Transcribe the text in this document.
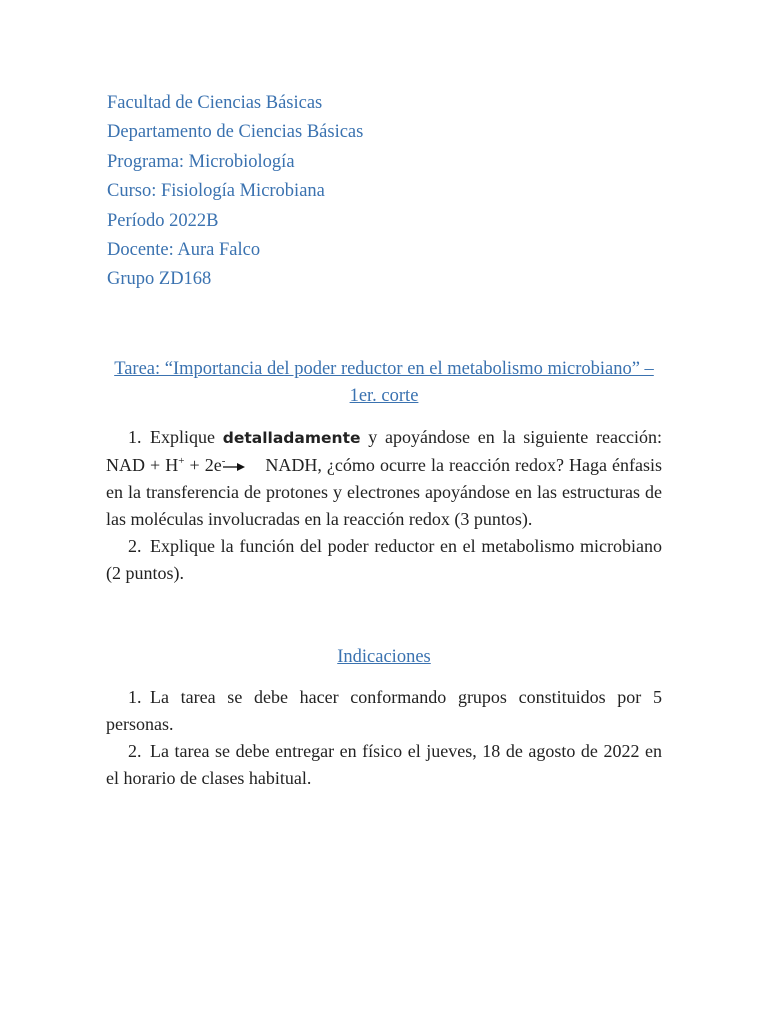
Facultad de Ciencias Básicas
Departamento de Ciencias Básicas
Programa: Microbiología
Curso: Fisiología Microbiana
Período 2022B
Docente: Aura Falco
Grupo ZD168
Tarea: “Importancia del poder reductor en el metabolismo microbiano” – 1er. corte

1. Explique detalladamente y apoyándose en la siguiente reacción: NAD + H+ + 2e- → NADH, ¿cómo ocurre la reacción redox? Haga énfasis en la transferencia de protones y electrones apoyándose en las estructuras de las moléculas involucradas en la reacción redox (3 puntos).

2. Explique la función del poder reductor en el metabolismo microbiano (2 puntos).

Indicaciones

1. La tarea se debe hacer conformando grupos constituidos por 5 personas.

2. La tarea se debe entregar en físico el jueves, 18 de agosto de 2022 en el horario de clases habitual.
